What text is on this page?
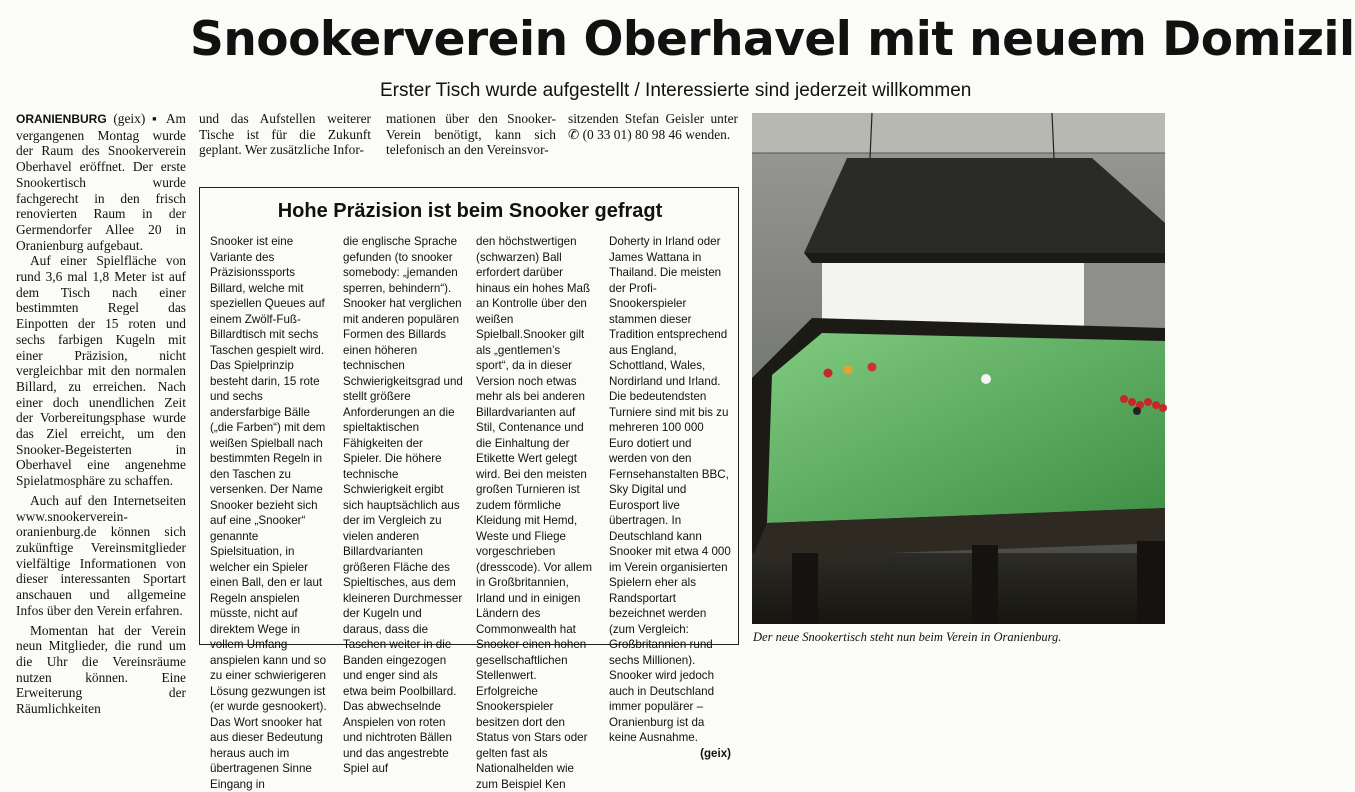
Snookerverein Oberhavel mit neuem Domizil
Erster Tisch wurde aufgestellt / Interessierte sind jederzeit willkommen

ORANIENBURG (geix) ▪ Am vergangenen Montag wurde der Raum des Snookerverein Oberhavel eröffnet. Der erste Snookertisch wurde fachgerecht in den frisch renovierten Raum in der Germendorfer Allee 20 in Oranienburg aufgebaut.

Auf einer Spielfläche von rund 3,6 mal 1,8 Meter ist auf dem Tisch nach einer bestimmten Regel das Einpotten der 15 roten und sechs farbigen Kugeln mit einer Präzision, nicht vergleichbar mit den normalen Billard, zu erreichen. Nach einer doch unendlichen Zeit der Vorbereitungsphase wurde das Ziel erreicht, um den Snooker-Begeisterten in Oberhavel eine angenehme Spielatmosphäre zu schaffen.

Auch auf den Internetseiten www.snookerverein-oranienburg.de können sich zukünftige Vereinsmitglieder vielfältige Informationen von dieser interessanten Sportart anschauen und allgemeine Infos über den Verein erfahren.

Momentan hat der Verein neun Mitglieder, die rund um die Uhr die Vereinsräume nutzen können. Eine Erweiterung der Räumlichkeiten

und das Aufstellen weiterer Tische ist für die Zukunft geplant. Wer zusätzliche Infor-

mationen über den Snooker-Verein benötigt, kann sich telefonisch an den Vereinsvor-

sitzenden Stefan Geisler unter ✆ (0 33 01) 80 98 46 wenden.

Hohe Präzision ist beim Snooker gefragt

Snooker ist eine Variante des Präzisionssports Billard, welche mit speziellen Queues auf einem Zwölf-Fuß-Billardtisch mit sechs Taschen gespielt wird. Das Spielprinzip besteht darin, 15 rote und sechs andersfarbige Bälle („die Farben“) mit dem weißen Spielball nach bestimmten Regeln in den Taschen zu versenken. Der Name Snooker bezieht sich auf eine „Snooker“ genannte Spielsituation, in welcher ein Spieler einen Ball, den er laut Regeln anspielen müsste, nicht auf direktem Wege in vollem Umfang anspielen kann und so zu einer schwierigeren Lösung gezwungen ist (er wurde gesnookert). Das Wort snooker hat aus dieser Bedeutung heraus auch im übertragenen Sinne Eingang in

die englische Sprache gefunden (to snooker somebody: „jemanden sperren, behindern“). Snooker hat verglichen mit anderen populären Formen des Billards einen höheren technischen Schwierigkeitsgrad und stellt größere Anforderungen an die spieltaktischen Fähigkeiten der Spieler. Die höhere technische Schwierigkeit ergibt sich hauptsächlich aus der im Vergleich zu vielen anderen Billardvarianten größeren Fläche des Spieltisches, aus dem kleineren Durchmesser der Kugeln und daraus, dass die Taschen weiter in die Banden eingezogen und enger sind als etwa beim Poolbillard. Das abwechselnde Anspielen von roten und nichtroten Bällen und das angestrebte Spiel auf

den höchstwertigen (schwarzen) Ball erfordert darüber hinaus ein hohes Maß an Kontrolle über den weißen Spielball.Snooker gilt als „gentlemen’s sport“, da in dieser Version noch etwas mehr als bei anderen Billardvarianten auf Stil, Contenance und die Einhaltung der Etikette Wert gelegt wird. Bei den meisten großen Turnieren ist zudem förmliche Kleidung mit Hemd, Weste und Fliege vorgeschrieben (dresscode). Vor allem in Großbritannien, Irland und in einigen Ländern des Commonwealth hat Snooker einen hohen gesellschaftlichen Stellenwert. Erfolgreiche Snookerspieler besitzen dort den Status von Stars oder gelten fast als Nationalhelden wie zum Beispiel Ken

Doherty in Irland oder James Wattana in Thailand. Die meisten der Profi-Snookerspieler stammen dieser Tradition entsprechend aus England, Schottland, Wales, Nordirland und Irland. Die bedeutendsten Turniere sind mit bis zu mehreren 100 000 Euro dotiert und werden von den Fernsehanstalten BBC, Sky Digital und Eurosport live übertragen. In Deutschland kann Snooker mit etwa 4 000 im Verein organisierten Spielern eher als Randsportart bezeichnet werden (zum Vergleich: Großbritannien rund sechs Millionen). Snooker wird jedoch auch in Deutschland immer populärer – Oranienburg ist da keine Ausnahme.

(geix)

Der neue Snookertisch steht nun beim Verein in Oranienburg.
